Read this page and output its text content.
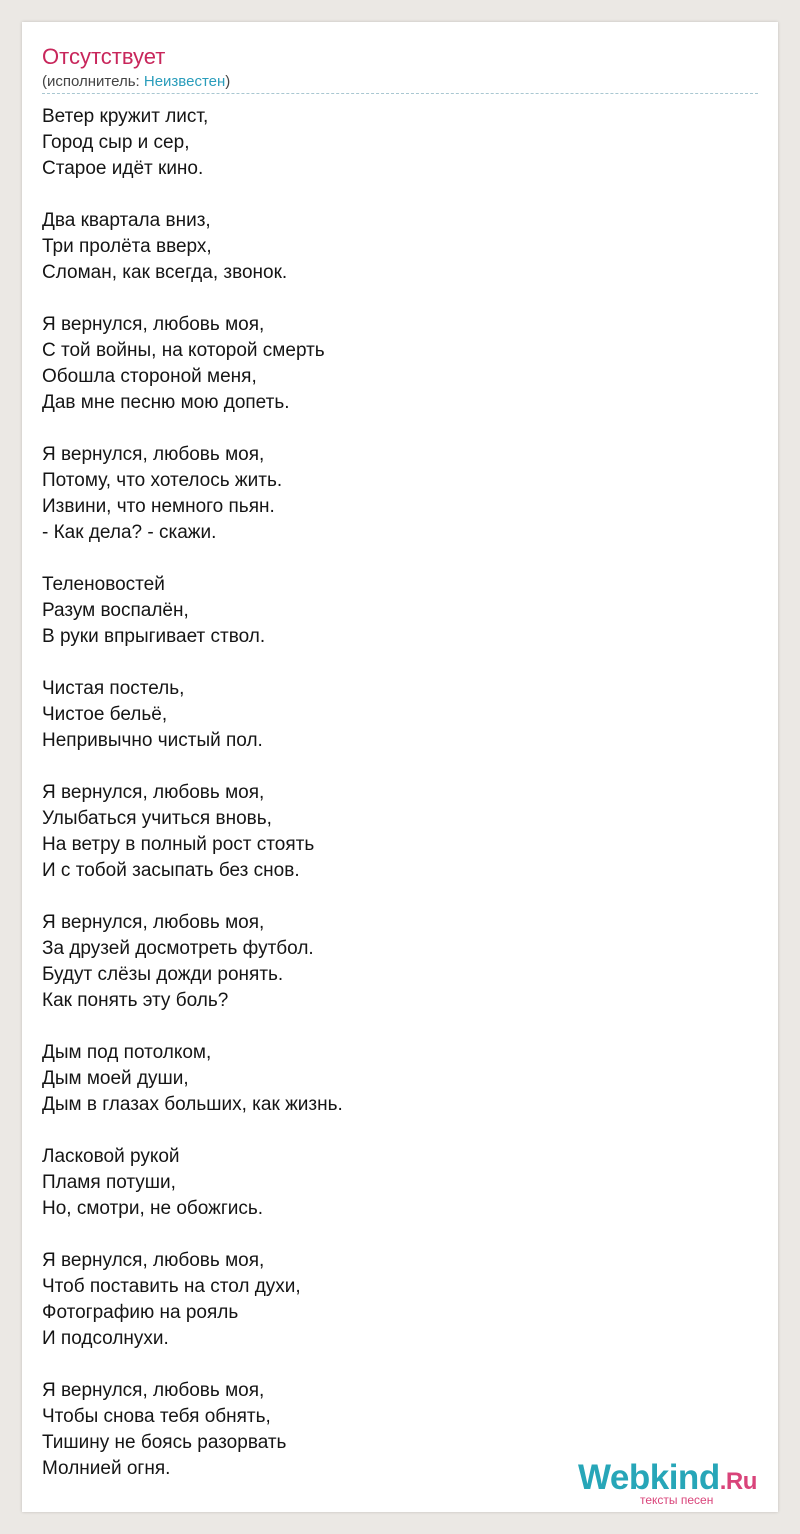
Отсутствует
(исполнитель: Неизвестен)
Ветер кружит лист,
Город сыр и сер,
Старое идёт кино.
Два квартала вниз,
Три пролёта вверх,
Сломан, как всегда, звонок.
Я вернулся, любовь моя,
С той войны, на которой смерть
Обошла стороной меня,
Дав мне песню мою допеть.
Я вернулся, любовь моя,
Потому, что хотелось жить.
Извини, что немного пьян.
- Как дела? - скажи.
Теленовостей
Разум воспалён,
В руки впрыгивает ствол.
Чистая постель,
Чистое бельё,
Непривычно чистый пол.
Я вернулся, любовь моя,
Улыбаться учиться вновь,
На ветру в полный рост стоять
И с тобой засыпать без снов.
Я вернулся, любовь моя,
За друзей досмотреть футбол.
Будут слёзы дожди ронять.
Как понять эту боль?
Дым под потолком,
Дым моей души,
Дым в глазах больших, как жизнь.
Ласковой рукой
Пламя потуши,
Но, смотри, не обожгись.
Я вернулся, любовь моя,
Чтоб поставить на стол духи,
Фотографию на рояль
И подсолнухи.
Я вернулся, любовь моя,
Чтобы снова тебя обнять,
Тишину не боясь разорвать
Молнией огня.	Webkind.Ru
тексты песен
